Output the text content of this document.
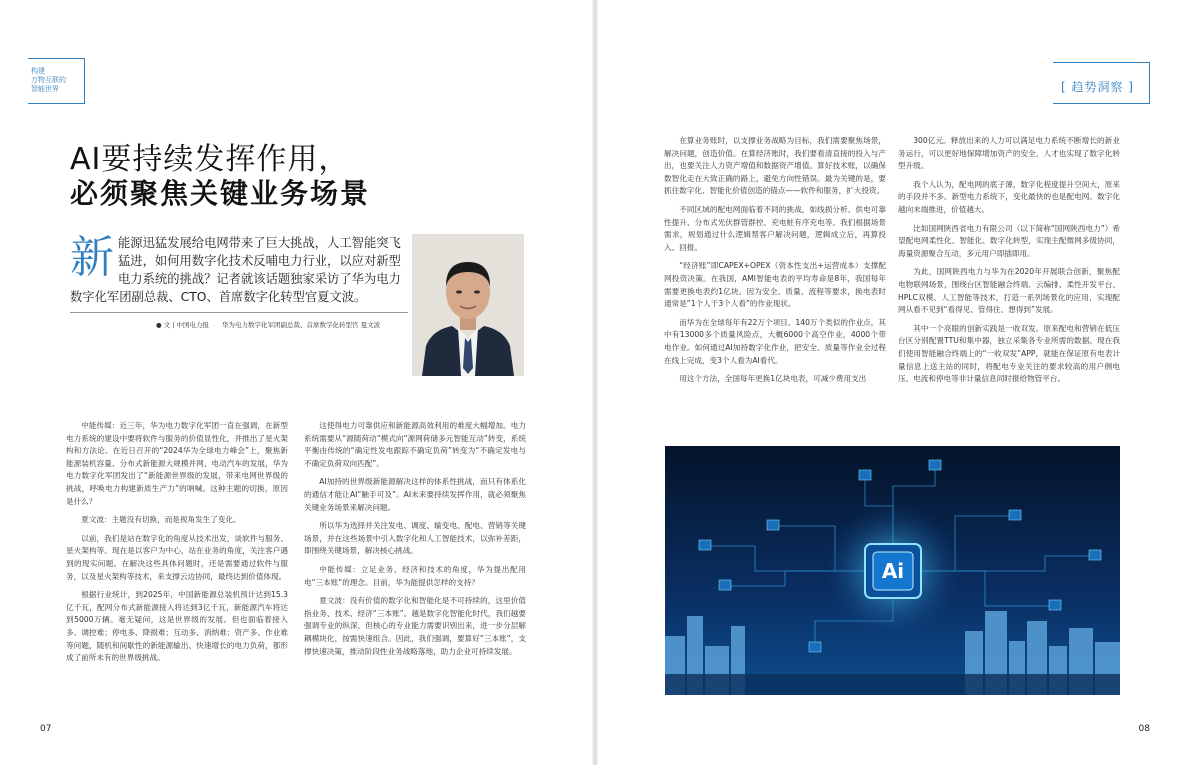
构建
万物互联的
智能世界	[ 趋势洞察 ]
AI要持续发挥作用，
必须聚焦关键业务场景
新 能源迅猛发展给电网带来了巨大挑战，人工智能突飞猛进，如何用数字化技术反哺电力行业，以应对新型电力系统的挑战？记者就该话题独家采访了华为电力
数字化军团副总裁、CTO、首席数字化转型官夏文波。
● 文 | 中国电力报　　华为电力数字化军团副总裁、首席数字化转型官 夏文波

中能传媒：近三年，华为电力数字化军团一直在强调，在新型电力系统的建设中要将软件与服务的价值显性化，并推出了星火架构和方法论。在近日召开的“2024华为全球电力峰会”上，聚焦新能源装机容量、分布式新能源大规模并网、电动汽车的发展，华为电力数字化军团发出了“新能源世界级的发展，带来电网世界级的挑战，呼唤电力构建新质生产力”的呐喊。这种主题的切换，原因是什么？

夏文波：主题没有切换，而是视角发生了变化。

以前，我们是站在数字化的角度从技术出发，谈软件与服务、星火架构等。现在是以客户为中心，站在业务的角度，关注客户遇到的现实问题。在解决这些具体问题时，还是需要通过软件与服务，以及星火架构等技术，来支撑云边协同，最终达到价值体现。

根据行业统计，到2025年，中国新能源总装机预计达到15.3亿千瓦，配网分布式新能源接入将达到3亿千瓦，新能源汽车将达到5000万辆。毫无疑问，这是世界级的发展。但也面临着接入多、调控难；停电多、降损难；互动多、消纳难；资产多、作业难等问题，随机和间歇性的新能源输出、快速增长的电力负荷，都形成了前所未有的世界级挑战。

这使得电力可靠供应和新能源高效利用的难度大幅增加。电力系统需要从“源随荷动”模式向“源网荷储多元智能互动”转变，系统平衡由传统的“确定性发电跟踪不确定负荷”转变为“不确定发电与不确定负荷双向匹配”。

AI加持的世界级新能源解决这样的体系性挑战，而只有体系化的通信才能让AI“触手可及”。AI未来要持续发挥作用，就必须聚焦关键业务场景来解决问题。

所以华为选择并关注发电、调度、输变电、配电、营销等关键场景，并在这些场景中引入数字化和人工智能技术，以弥补差距，即围绕关键场景，解决核心挑战。

中能传媒：立足业务、经济和技术的角度，华为提出配用电“三本账”的理念。目前，华为能提供怎样的支持？

夏文波：没有价值的数字化和智能化是不可持续的，这里价值指业务、技术、经济“三本账”。越是数字化智能化时代，我们越要强调专业的纵深，但核心的专业能力需要识别出来，进一步分层解耦模块化，按需快速组合。因此，我们强调，要算好“三本账”，支撑快速决策，推动阶段性业务战略落地，助力企业可持续发展。

在算业务账时，以支撑业务战略为目标，我们需要聚焦场景，解决问题，创造价值。在算经济账时，我们要看清直接的投入与产出，也要关注人力资产增值和数据资产增值。算好技术账，以确保数智化走在大致正确的路上，避免方向性错误。最为关键的是，要抓住数字化、智能化价值创造的锚点——软件和服务，扩大投资。

不同区域的配电网面临着不同的挑战，如线损分析、供电可靠性提升、分布式光伏群管群控、充电桩有序充电等。我们根据场景需求，规划通过什么逻辑帮客户解决问题，逻辑成立后，再算投入、回报。

“经济账”即CAPEX+OPEX（资本性支出+运营成本）支撑配网投资决策。在我国，AMI智能电表的平均寿命是8年，我国每年需要更换电表约1亿块。因为安全、质量、流程等要求，换电表时通常是“1个人干3个人看”的作业现状。

而华为在全球每年有22万个项目、140万个类似的作业点，其中有13000多个质量风险点，大概6000个高空作业，4000个带电作业。如何通过AI加持数字化作业，把安全、质量等作业全过程在线上完成，变3个人看为AI看代。

用这个方法，全国每年更换1亿块电表，可减少费用支出

300亿元。释放出来的人力可以满足电力系统不断增长的新业务运行，可以更好地保障增加资产的安全，人才也实现了数字化转型升级。

我个人认为，配电网的底子薄，数字化程度提升空间大，原来的手段并不多。新型电力系统下，变化最快的也是配电网。数字化越向末端推进，价值越大。

比如国网陕西省电力有限公司（以下简称“国网陕西电力”）希望配电网柔性化、智能化、数字化转型，实现主配微网多级协同，海量资源聚合互动，多元用户即插即用。

为此，国网陕西电力与华为在2020年开展联合创新，聚焦配电物联网场景，围绕台区智能融合终端、云编排、柔性开发平台、HPLC双模、人工智能等技术，打造一系列场景化的应用，实现配网从看不见到“看得见、管得住、想得到”发展。

其中一个亮眼的创新实践是一收双发。原来配电和营销在低压台区分别配置TTU和集中器，独立采集各专业所需的数据。现在我们使用智能融合终端上的“一收双发”APP，就能在保证原有电表计量信息上送主站的同时，将配电专业关注的要求较高的用户侧电压、电流和停电等非计量信息同时报给物管平台。

Ai
07	08
